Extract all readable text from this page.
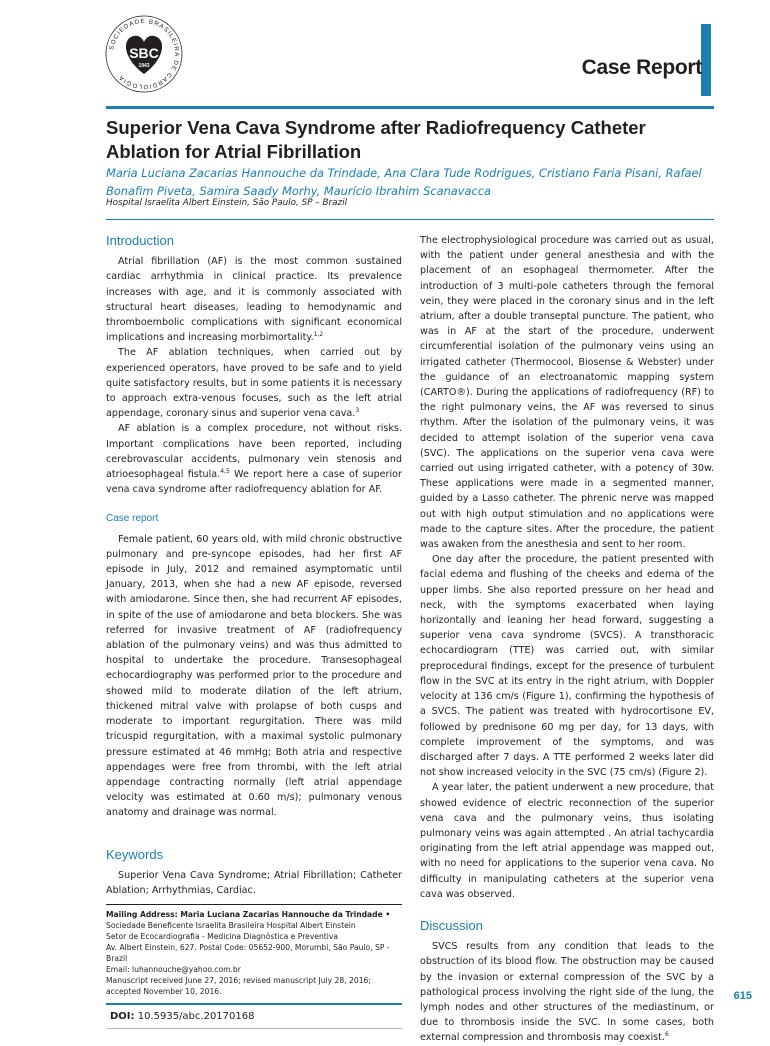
SOCIEDADE BRASILEIRA DE CARDIOLOGIA
SBC
1943	Case Report
Superior Vena Cava Syndrome after Radiofrequency Catheter Ablation for Atrial Fibrillation

Maria Luciana Zacarias Hannouche da Trindade, Ana Clara Tude Rodrigues, Cristiano Faria Pisani, Rafael Bonafim Piveta, Samira Saady Morhy, Maurício Ibrahim Scanavacca

Hospital Israelita Albert Einstein, São Paulo, SP – Brazil
Introduction

Atrial fibrillation (AF) is the most common sustained cardiac arrhythmia in clinical practice. Its prevalence increases with age, and it is commonly associated with structural heart diseases, leading to hemodynamic and thromboembolic complications with significant economical implications and increasing morbimortality.$^{1,2}$

The AF ablation techniques, when carried out by experienced operators, have proved to be safe and to yield quite satisfactory results, but in some patients it is necessary to approach extra-venous focuses, such as the left atrial appendage, coronary sinus and superior vena cava.$^3$

AF ablation is a complex procedure, not without risks. Important complications have been reported, including cerebrovascular accidents, pulmonary vein stenosis and atrioesophageal fistula.$^{4,5}$ We report here a case of superior vena cava syndrome after radiofrequency ablation for AF.

Case report

Female patient, 60 years old, with mild chronic obstructive pulmonary and pre-syncope episodes, had her first AF episode in July, 2012 and remained asymptomatic until January, 2013, when she had a new AF episode, reversed with amiodarone. Since then, she had recurrent AF episodes, in spite of the use of amiodarone and beta blockers. She was referred for invasive treatment of AF (radiofrequency ablation of the pulmonary veins) and was thus admitted to hospital to undertake the procedure. Transesophageal echocardiography was performed prior to the procedure and showed mild to moderate dilation of the left atrium, thickened mitral valve with prolapse of both cusps and moderate to important regurgitation. There was mild tricuspid regurgitation, with a maximal systolic pulmonary pressure estimated at 46 mmHg; Both atria and respective appendages were free from thrombi, with the left atrial appendage contracting normally (left atrial appendage velocity was estimated at 0.60 m/s); pulmonary venous anatomy and drainage was normal.

Keywords

Superior Vena Cava Syndrome; Atrial Fibrillation; Catheter Ablation; Arrhythmias, Cardiac.

Mailing Address: Maria Luciana Zacarias Hannouche da Trindade •
Sociedade Beneficente Israelita Brasileira Hospital Albert Einstein
Setor de Ecocardiografia - Medicina Diagnóstica e Preventiva
Av. Albert Einstein, 627. Postal Code: 05652-900, Morumbi, São Paulo, SP - Brazil
Email: luhannouche@yahoo.com.br
Manuscript received June 27, 2016; revised manuscript July 28, 2016; accepted November 10, 2016.
DOI: 10.5935/abc.20170168

The electrophysiological procedure was carried out as usual, with the patient under general anesthesia and with the placement of an esophageal thermometer. After the introduction of 3 multi-pole catheters through the femoral vein, they were placed in the coronary sinus and in the left atrium, after a double transeptal puncture. The patient, who was in AF at the start of the procedure, underwent circumferential isolation of the pulmonary veins using an irrigated catheter (Thermocool, Biosense & Webster) under the guidance of an electroanatomic mapping system (CARTO®). During the applications of radiofrequency (RF) to the right pulmonary veins, the AF was reversed to sinus rhythm. After the isolation of the pulmonary veins, it was decided to attempt isolation of the superior vena cava (SVC). The applications on the superior vena cava were carried out using irrigated catheter, with a potency of 30w. These applications were made in a segmented manner, guided by a Lasso catheter. The phrenic nerve was mapped out with high output stimulation and no applications were made to the capture sites. After the procedure, the patient was awaken from the anesthesia and sent to her room.

One day after the procedure, the patient presented with facial edema and flushing of the cheeks and edema of the upper limbs. She also reported pressure on her head and neck, with the symptoms exacerbated when laying horizontally and leaning her head forward, suggesting a superior vena cava syndrome (SVCS). A transthoracic echocardiogram (TTE) was carried out, with similar preprocedural findings, except for the presence of turbulent flow in the SVC at its entry in the right atrium, with Doppler velocity at 136 cm/s (Figure 1), confirming the hypothesis of a SVCS. The patient was treated with hydrocortisone EV, followed by prednisone 60 mg per day, for 13 days, with complete improvement of the symptoms, and was discharged after 7 days. A TTE performed 2 weeks later did not show increased velocity in the SVC (75 cm/s) (Figure 2).

A year later, the patient underwent a new procedure, that showed evidence of electric reconnection of the superior vena cava and the pulmonary veins, thus isolating pulmonary veins was again attempted . An atrial tachycardia originating from the left atrial appendage was mapped out, with no need for applications to the superior vena cava. No difficulty in manipulating catheters at the superior vena cava was observed.

Discussion

SVCS results from any condition that leads to the obstruction of its blood flow. The obstruction may be caused by the invasion or external compression of the SVC by a pathological process involving the right side of the lung, the lymph nodes and other structures of the mediastinum, or due to thrombosis inside the SVC. In some cases, both external compression and thrombosis may coexist.$^6$

615
